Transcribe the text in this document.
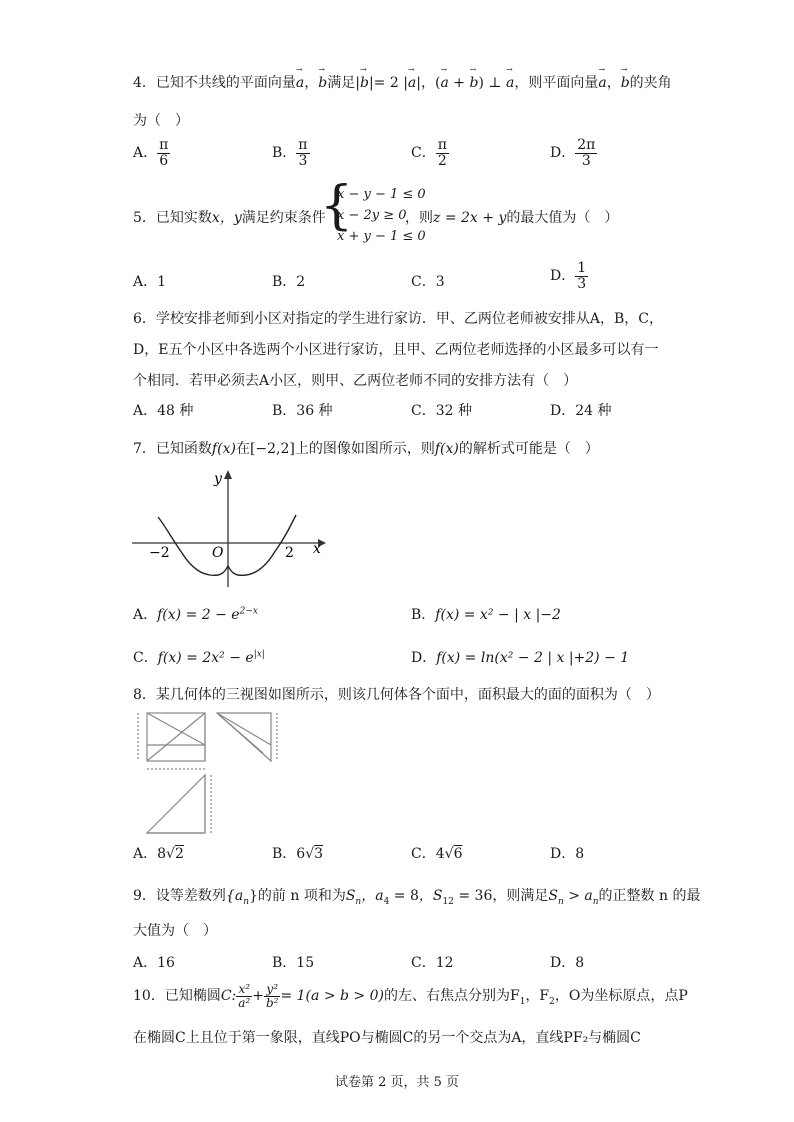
4．已知不共线的平面向量→ a，→ b满足|→ b|= 2 |→ a|，(→ a + → b) ⊥ → a，则平面向量→ a，→ b的夹角
为（　）
A． $\frac{\pi}{6}$	B． $\frac{\pi}{3}$	C． $\frac{\pi}{2}$	D． $\frac{2\pi}{3}$
5．已知实数x，y满足约束条件
{
x − y − 1 ≤ 0
x − 2y ≥ 0
x + y − 1 ≤ 0
，则z = 2x + y的最大值为（　）
A．1	B．2	C．3	D． $\frac{1}{3}$
6．学校安排老师到小区对指定的学生进行家访．甲、乙两位老师被安排从A，B，C，
D，E五个小区中各选两个小区进行家访，且甲、乙两位老师选择的小区最多可以有一
个相同．若甲必须去A小区，则甲、乙两位老师不同的安排方法有（　）
A．48 种	B．36 种	C．32 种	D．24 种
7．已知函数f(x)在[−2,2]上的图像如图所示，则f(x)的解析式可能是（　）
−2	O	2 x
y
A．$f(x) = 2 - e^{2-x}$	B．f(x) = x² − | x |−2
C．$f(x) = 2x^2 - e^{|x|}$	D．f(x) = ln(x² − 2 | x |+2) − 1
8．某几何体的三视图如图所示，则该几何体各个面中，面积最大的面的面积为（　）
A．8√2	B．6√3	C．4√6	D．8
9．设等差数列$\{a_n\}$的前 n 项和为$S_n$，$a_4 = 8$，$S_{12} = 36$，则满足$S_n > a_n$的正整数 n 的最
大值为（　）
A．16	B．15	C．12	D．8
10．已知椭圆C: $\frac{\text{x²}}{\text{a²}} + \frac{\text{y²}}{\text{b²}} = 1(a > b > 0)$的左、右焦点分别为$F_1$，$F_2$，O为坐标原点，点P
在椭圆C上且位于第一象限，直线PO与椭圆C的另一个交点为A，直线PF₂与椭圆C
试卷第 2 页，共 5 页
